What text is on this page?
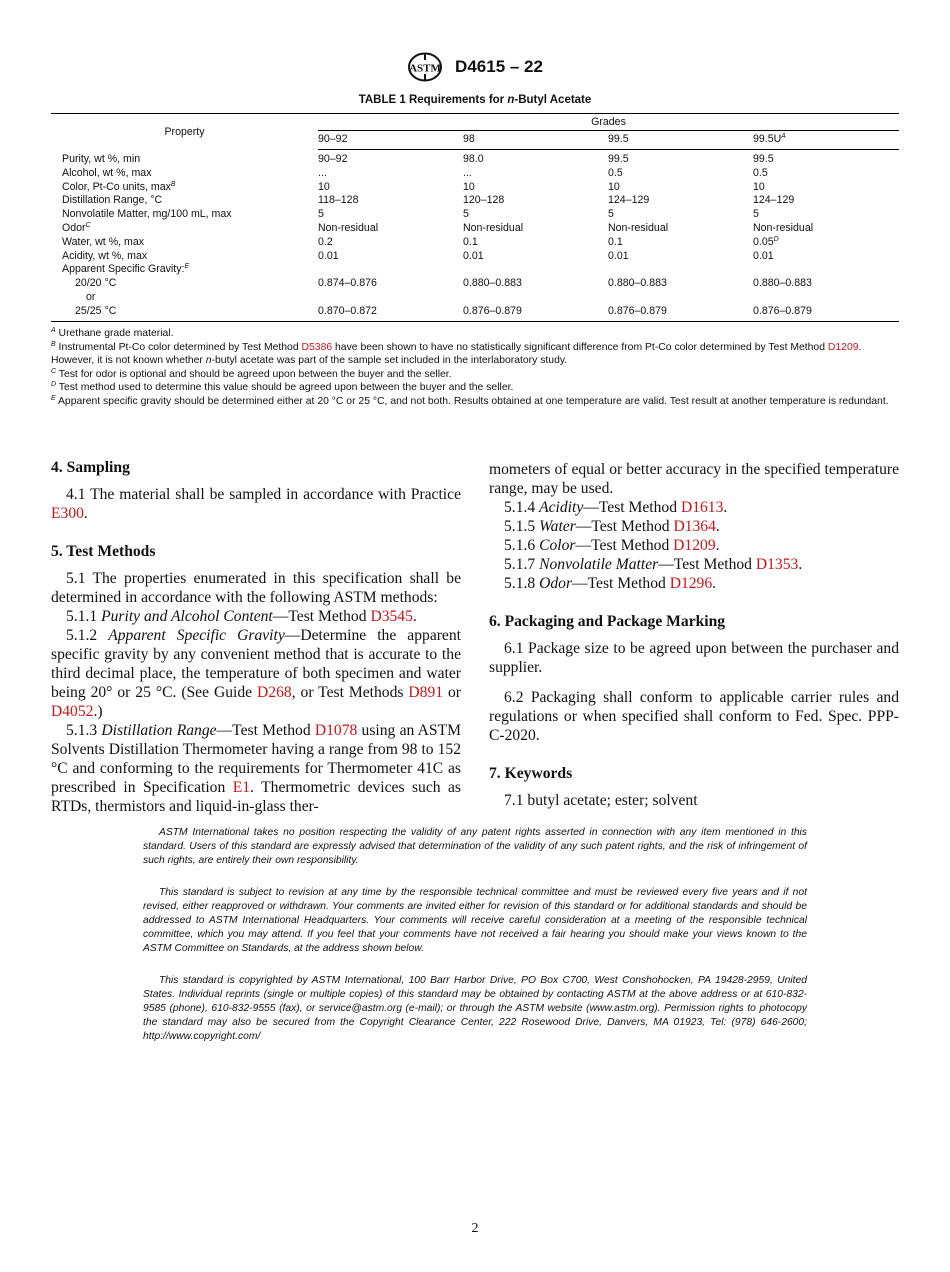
ASTM D4615 – 22
TABLE 1 Requirements for n-Butyl Acetate
Property	Grades			
	90–92	98	99.5	$99.5U^A$
Purity, wt %, min	90–92	98.0	99.5	99.5
Alcohol, wt %, max	...	...	0.5	0.5
Color, Pt-Co units, $\max^B$	10	10	10	10
Distillation Range, °C	118–128	120–128	124–129	124–129
Nonvolatile Matter, mg/100 mL, max	5	5	5	5
Odor$^C$	Non-residual	Non-residual	Non-residual	Non-residual
Water, wt %, max	0.2	0.1	0.1	$0.05^D$
Acidity, wt %, max	0.01	0.01	0.01	0.01
Apparent Specific Gravity:$^E$				
20/20 °C	0.874–0.876	0.880–0.883	0.880–0.883	0.880–0.883
or				
25/25 °C	0.870–0.872	0.876–0.879	0.876–0.879	0.876–0.879

$^A$ Urethane grade material.

$^B$ Instrumental Pt-Co color determined by Test Method D5386 have been shown to have no statistically significant difference from Pt-Co color determined by Test Method D1209. However, it is not known whether n-butyl acetate was part of the sample set included in the interlaboratory study.

$^C$ Test for odor is optional and should be agreed upon between the buyer and the seller.

$^D$ Test method used to determine this value should be agreed upon between the buyer and the seller.

$^E$ Apparent specific gravity should be determined either at 20 °C or 25 °C, and not both. Results obtained at one temperature are valid. Test result at another temperature is redundant.

4. Sampling

4.1 The material shall be sampled in accordance with Practice E300.

5. Test Methods

5.1 The properties enumerated in this specification shall be determined in accordance with the following ASTM methods:

5.1.1 Purity and Alcohol Content—Test Method D3545.

5.1.2 Apparent Specific Gravity—Determine the apparent specific gravity by any convenient method that is accurate to the third decimal place, the temperature of both specimen and water being 20° or 25 °C. (See Guide D268, or Test Methods D891 or D4052.)

5.1.3 Distillation Range—Test Method D1078 using an ASTM Solvents Distillation Thermometer having a range from 98 to 152 °C and conforming to the requirements for Thermometer 41C as prescribed in Specification E1. Thermometric devices such as RTDs, thermistors and liquid-in-glass ther-

mometers of equal or better accuracy in the specified temperature range, may be used.

5.1.4 Acidity—Test Method D1613.

5.1.5 Water—Test Method D1364.

5.1.6 Color—Test Method D1209.

5.1.7 Nonvolatile Matter—Test Method D1353.

5.1.8 Odor—Test Method D1296.

6. Packaging and Package Marking

6.1 Package size to be agreed upon between the purchaser and supplier.

6.2 Packaging shall conform to applicable carrier rules and regulations or when specified shall conform to Fed. Spec. PPP-C-2020.

7. Keywords

7.1 butyl acetate; ester; solvent

ASTM International takes no position respecting the validity of any patent rights asserted in connection with any item mentioned in this standard. Users of this standard are expressly advised that determination of the validity of any such patent rights, and the risk of infringement of such rights, are entirely their own responsibility.

This standard is subject to revision at any time by the responsible technical committee and must be reviewed every five years and if not revised, either reapproved or withdrawn. Your comments are invited either for revision of this standard or for additional standards and should be addressed to ASTM International Headquarters. Your comments will receive careful consideration at a meeting of the responsible technical committee, which you may attend. If you feel that your comments have not received a fair hearing you should make your views known to the ASTM Committee on Standards, at the address shown below.

This standard is copyrighted by ASTM International, 100 Barr Harbor Drive, PO Box C700, West Conshohocken, PA 19428-2959, United States. Individual reprints (single or multiple copies) of this standard may be obtained by contacting ASTM at the above address or at 610-832-9585 (phone), 610-832-9555 (fax), or service@astm.org (e-mail); or through the ASTM website (www.astm.org). Permission rights to photocopy the standard may also be secured from the Copyright Clearance Center, 222 Rosewood Drive, Danvers, MA 01923, Tel: (978) 646-2600; http://www.copyright.com/

2
